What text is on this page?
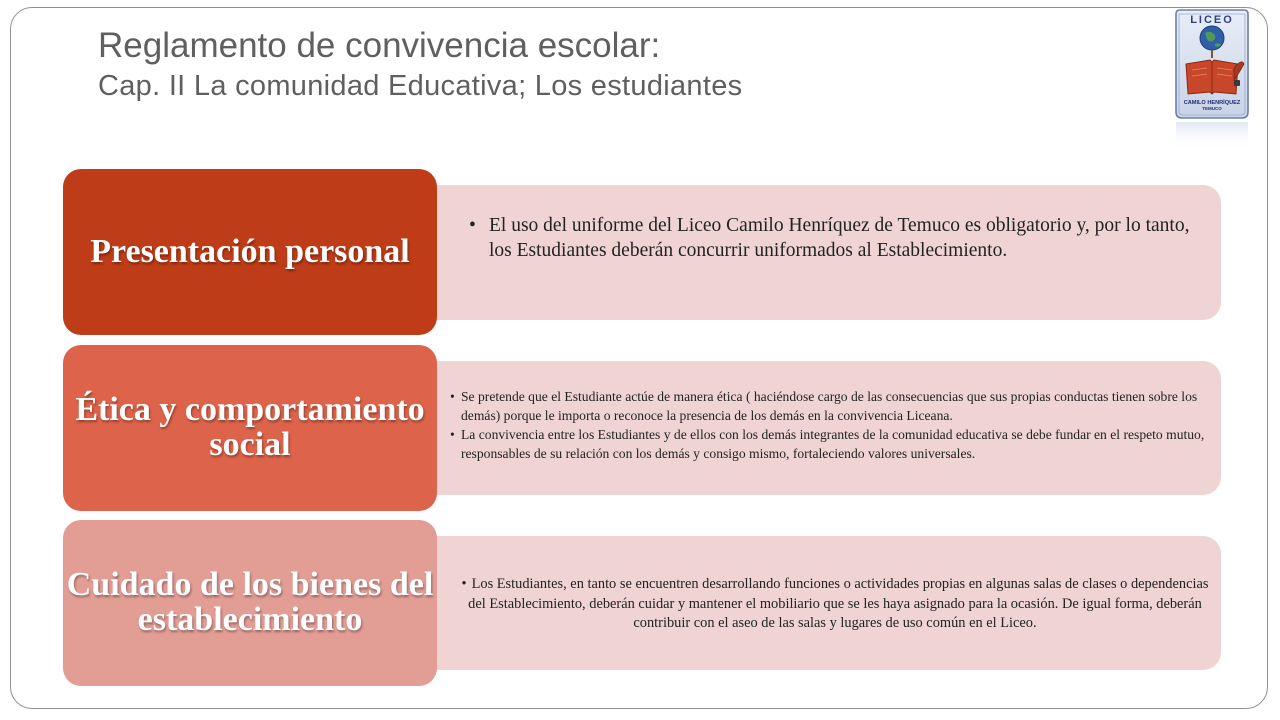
Reglamento de convivencia escolar:
Cap. II La comunidad Educativa; Los estudiantes
LICEO
CAMILO HENRÍQUEZ
TEMUCO
Presentación personal
• El uso del uniforme del Liceo Camilo Henríquez de Temuco es obligatorio y, por lo tanto, los Estudiantes deberán concurrir uniformados al Establecimiento.
Ética y comportamiento social
• Se pretende que el Estudiante actúe de manera ética ( haciéndose cargo de las consecuencias que sus propias conductas tienen sobre los demás) porque le importa o reconoce la presencia de los demás en la convivencia Liceana.
• La convivencia entre los Estudiantes y de ellos con los demás integrantes de la comunidad educativa se debe fundar en el respeto mutuo, responsables de su relación con los demás y consigo mismo, fortaleciendo valores universales.
Cuidado de los bienes del establecimiento
• Los Estudiantes, en tanto se encuentren desarrollando funciones o actividades propias en algunas salas de clases o dependencias del Establecimiento, deberán cuidar y mantener el mobiliario que se les haya asignado para la ocasión. De igual forma, deberán contribuir con el aseo de las salas y lugares de uso común en el Liceo.
